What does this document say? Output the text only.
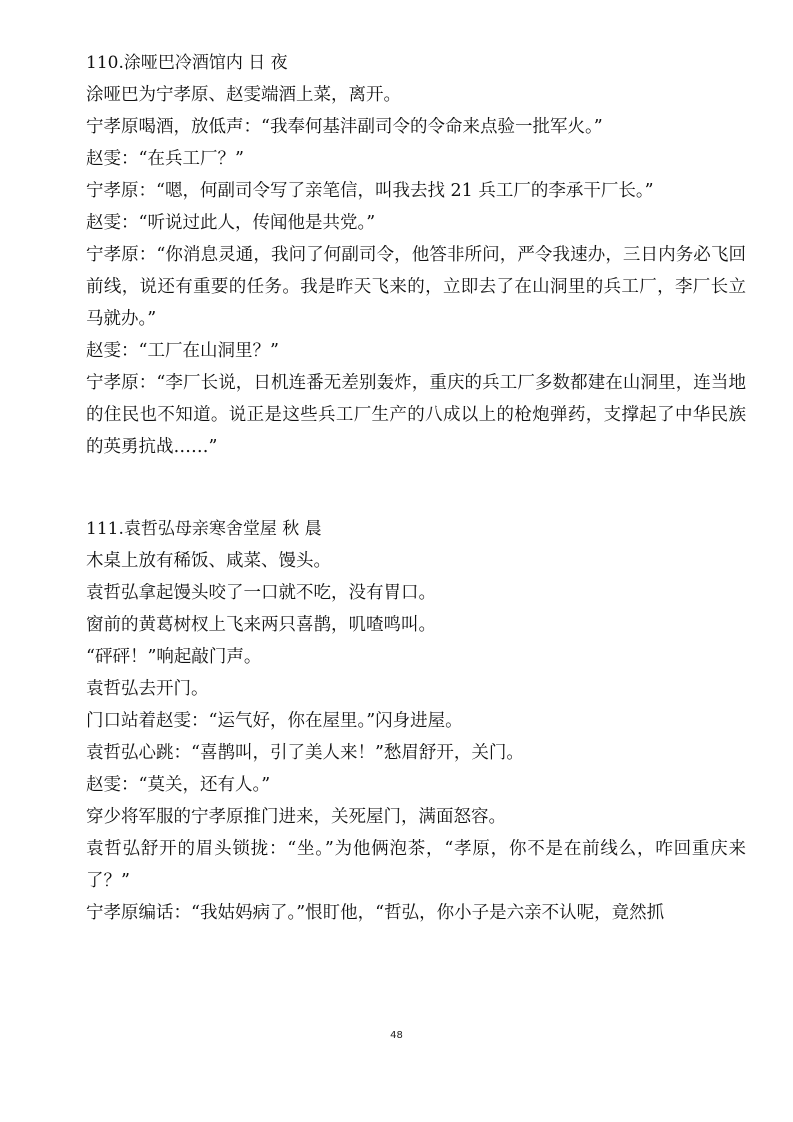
110.涂哑巴冷酒馆内 日 夜
涂哑巴为宁孝原、赵雯端酒上菜，离开。
宁孝原喝酒，放低声：“我奉何基沣副司令的令命来点验一批军火。”
赵雯：“在兵工厂？”
宁孝原：“嗯，何副司令写了亲笔信，叫我去找 21 兵工厂的李承干厂长。”
赵雯：“听说过此人，传闻他是共党。”
宁孝原：“你消息灵通，我问了何副司令，他答非所问，严令我速办，三日内务必飞回前线，说还有重要的任务。我是昨天飞来的，立即去了在山洞里的兵工厂，李厂长立马就办。”
赵雯：“工厂在山洞里？”
宁孝原：“李厂长说，日机连番无差别轰炸，重庆的兵工厂多数都建在山洞里，连当地的住民也不知道。说正是这些兵工厂生产的八成以上的枪炮弹药，支撑起了中华民族的英勇抗战……”
111.袁哲弘母亲寒舍堂屋 秋 晨
木桌上放有稀饭、咸菜、馒头。
袁哲弘拿起馒头咬了一口就不吃，没有胃口。
窗前的黄葛树杈上飞来两只喜鹊，叽喳鸣叫。
“砰砰！”响起敲门声。
袁哲弘去开门。
门口站着赵雯：“运气好，你在屋里。”闪身进屋。
袁哲弘心跳：“喜鹊叫，引了美人来！”愁眉舒开，关门。
赵雯：“莫关，还有人。”
穿少将军服的宁孝原推门进来，关死屋门，满面怒容。
袁哲弘舒开的眉头锁拢：“坐。”为他俩泡茶，“孝原，你不是在前线么，咋回重庆来了？”
宁孝原编话：“我姑妈病了。”恨盯他，“哲弘，你小子是六亲不认呢，竟然抓
48
